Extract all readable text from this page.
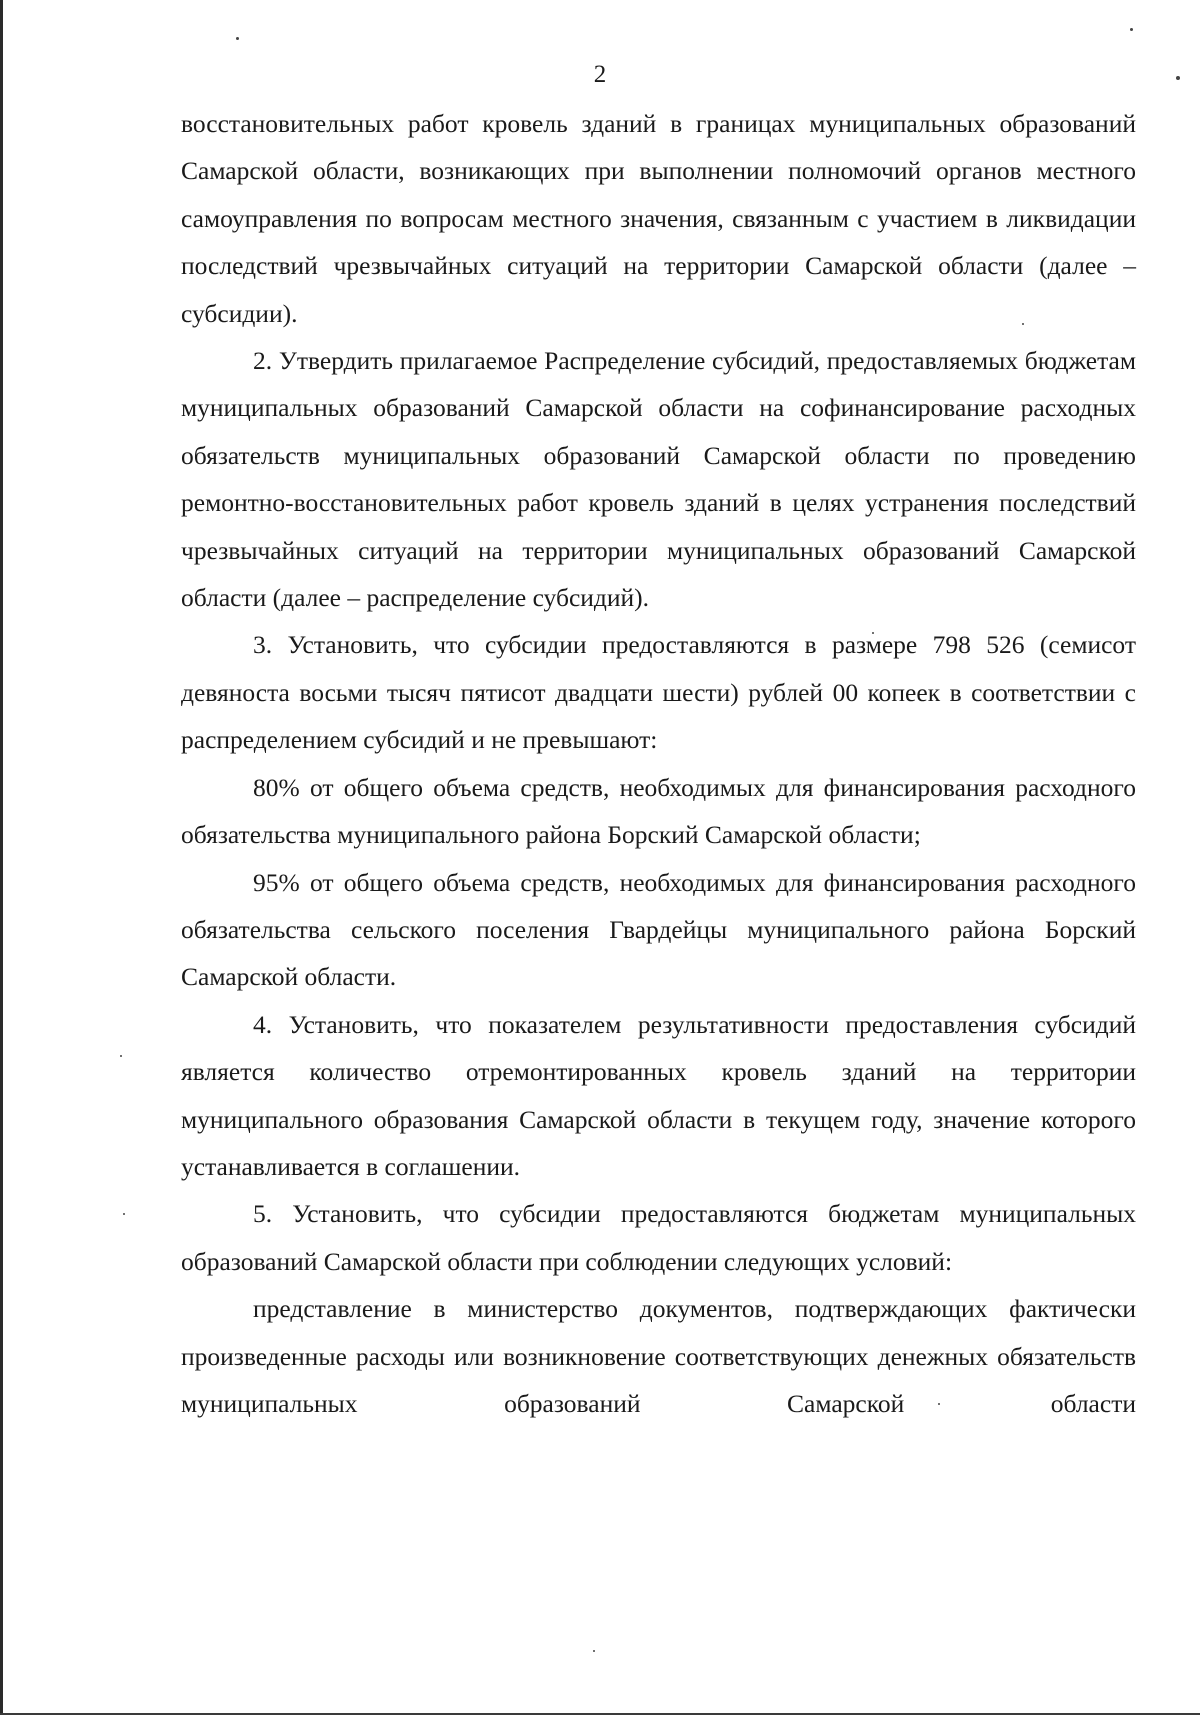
2

восстановительных работ кровель зданий в границах муниципальных образований Самарской области, возникающих при выполнении полномочий органов местного самоуправления по вопросам местного значения, связанным с участием в ликвидации последствий чрезвычайных ситуаций на территории Самарской области (далее – субсидии).

2. Утвердить прилагаемое Распределение субсидий, предоставляемых бюджетам муниципальных образований Самарской области на софинансирование расходных обязательств муниципальных образований Самарской области по проведению ремонтно-восстановительных работ кровель зданий в целях устранения последствий чрезвычайных ситуаций на территории муниципальных образований Самарской области (далее – распределение субсидий).

3. Установить, что субсидии предоставляются в размере 798 526 (семисот девяноста восьми тысяч пятисот двадцати шести) рублей 00 копеек в соответствии с распределением субсидий и не превышают:

80% от общего объема средств, необходимых для финансирования расходного обязательства муниципального района Борский Самарской области;

95% от общего объема средств, необходимых для финансирования расходного обязательства сельского поселения Гвардейцы муниципального района Борский Самарской области.

4. Установить, что показателем результативности предоставления субсидий является количество отремонтированных кровель зданий на территории муниципального образования Самарской области в текущем году, значение которого устанавливается в соглашении.

5. Установить, что субсидии предоставляются бюджетам муниципальных образований Самарской области при соблюдении следующих условий:

представление в министерство документов, подтверждающих фактически произведенные расходы или возникновение соответствующих денежных обязательств муниципальных образований Самарской области
